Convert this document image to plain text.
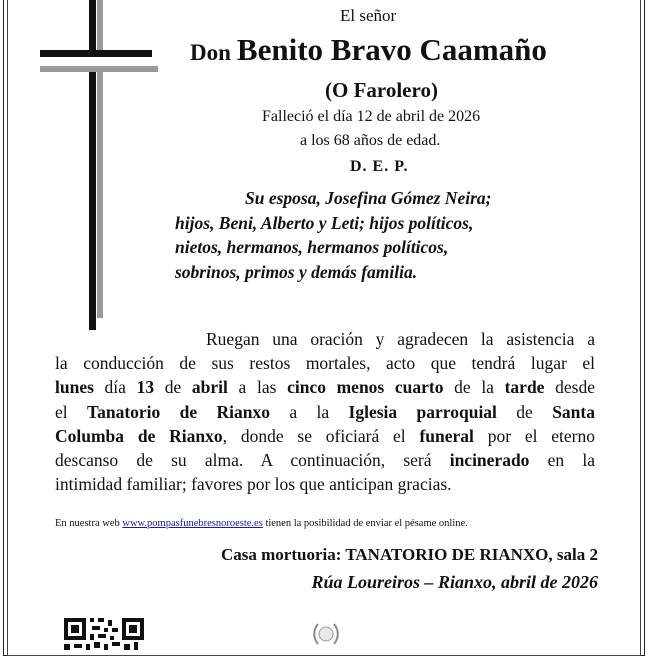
El señor
Don Benito Bravo Caamaño
(O Farolero)
Falleció el día 12 de abril de 2026
a los 68 años de edad.
D. E. P.
Su esposa, Josefina Gómez Neira;
hijos, Beni, Alberto y Leti; hijos políticos,
nietos, hermanos, hermanos políticos,
sobrinos, primos y demás familia.
Ruegan una oración y agradecen la asistencia a
la conducción de sus restos mortales, acto que tendrá lugar el
lunes día 13 de abril a las cinco menos cuarto de la tarde desde
el Tanatorio de Rianxo a la Iglesia parroquial de Santa
Columba de Rianxo, donde se oficiará el funeral por el eterno
descanso de su alma. A continuación, será incinerado en la
intimidad familiar; favores por los que anticipan gracias.
En nuestra web www.pompasfunebresnoroeste.es tienen la posibilidad de enviar el pésame online.
Casa mortuoria: TANATORIO DE RIANXO, sala 2
Rúa Loureiros – Rianxo, abril de 2026
